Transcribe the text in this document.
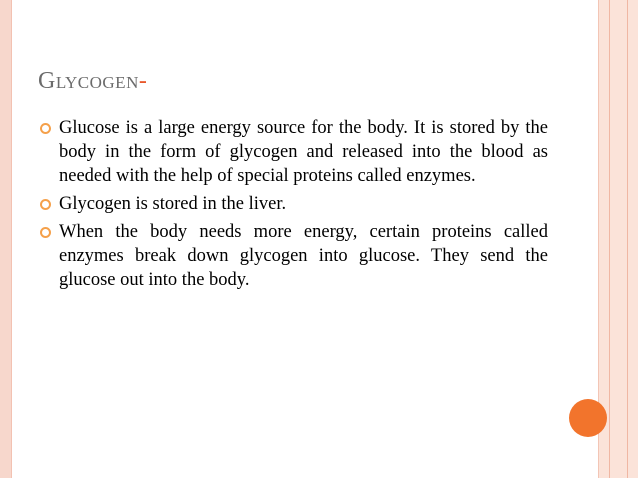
Glycogen-
Glucose is a large energy source for the body. It is stored by the body in the form of glycogen and released into the blood as needed with the help of special proteins called enzymes.
Glycogen is stored in the liver.
When the body needs more energy, certain proteins called enzymes break down glycogen into glucose. They send the glucose out into the body.
